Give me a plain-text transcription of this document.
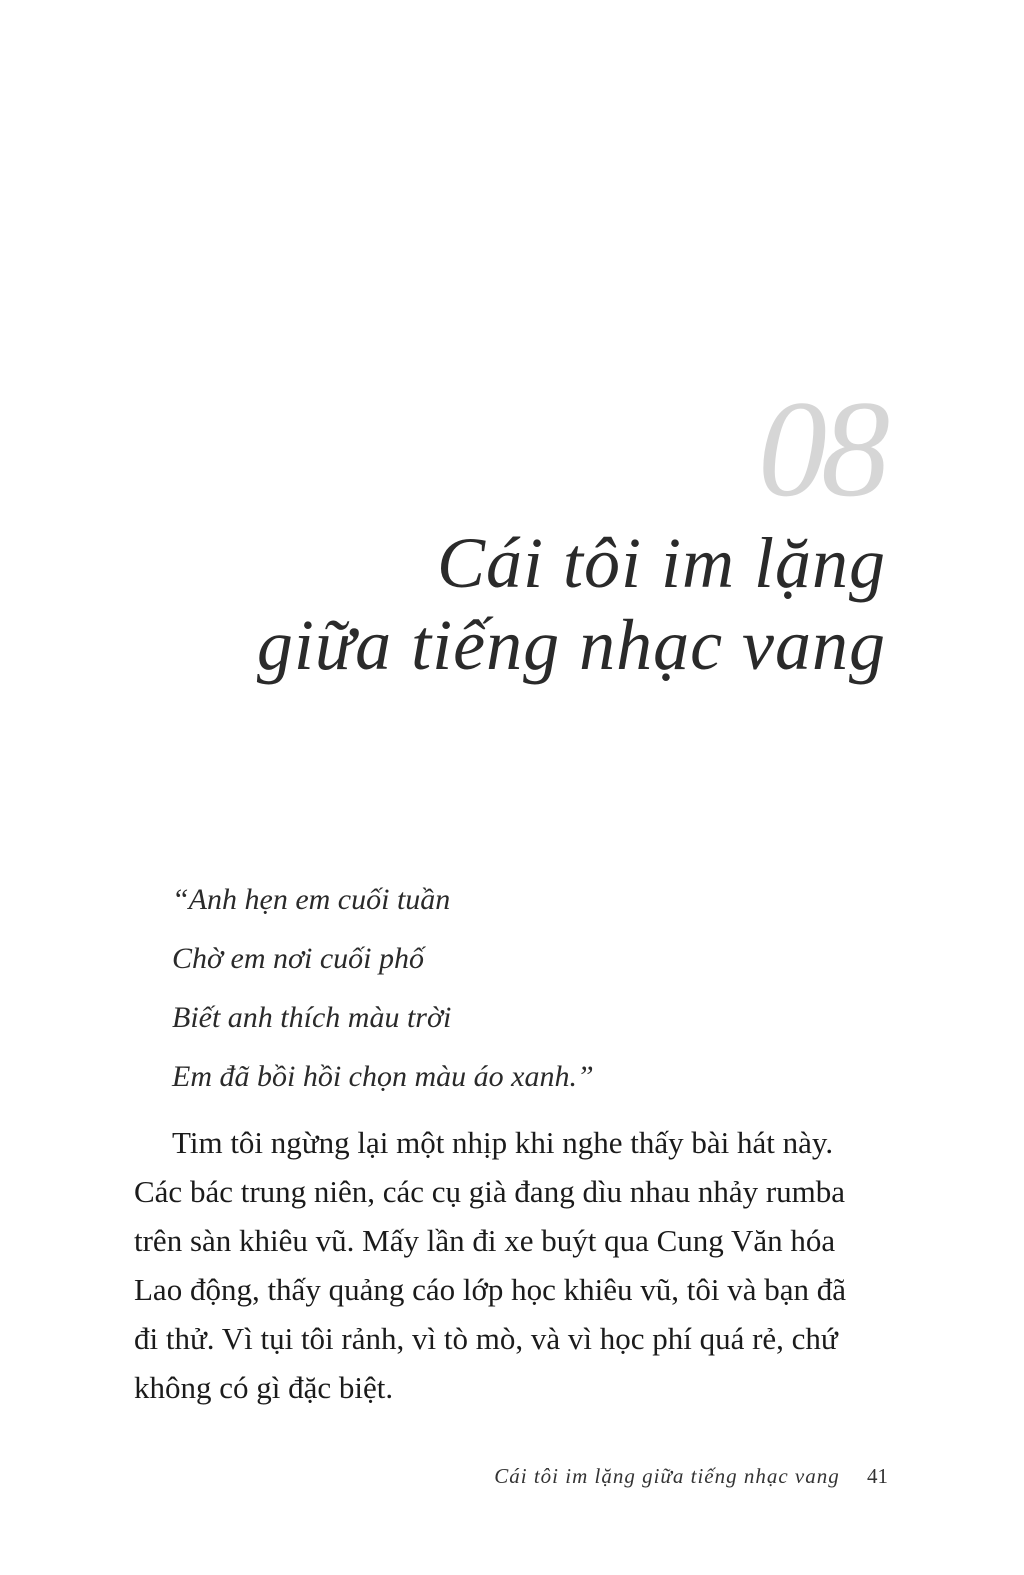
08
Cái tôi im lặng
giữa tiếng nhạc vang
“Anh hẹn em cuối tuần
Chờ em nơi cuối phố
Biết anh thích màu trời
Em đã bồi hồi chọn màu áo xanh.”
Tim tôi ngừng lại một nhịp khi nghe thấy bài hát này.
Các bác trung niên, các cụ già đang dìu nhau nhảy rumba
trên sàn khiêu vũ. Mấy lần đi xe buýt qua Cung Văn hóa
Lao động, thấy quảng cáo lớp học khiêu vũ, tôi và bạn đã
đi thử. Vì tụi tôi rảnh, vì tò mò, và vì học phí quá rẻ, chứ
không có gì đặc biệt.
Cái tôi im lặng giữa tiếng nhạc vang 41
